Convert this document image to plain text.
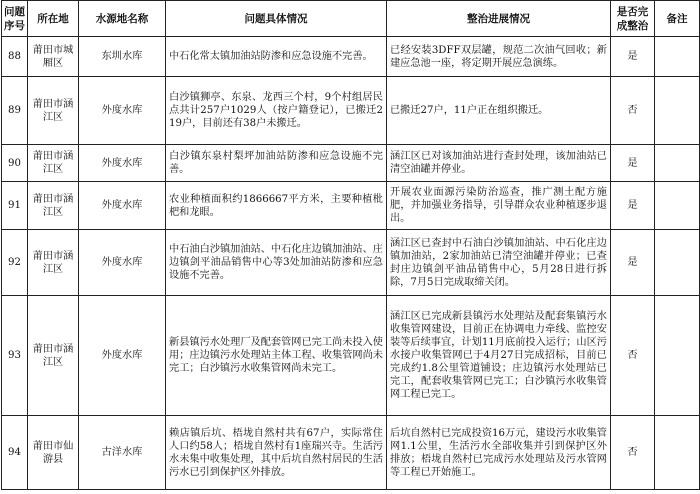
问题序号	所在地	水源地名称	问题具体情况	整治进展情况	是否完成整治	备注
88	莆田市城厢区	东圳水库	中石化常太镇加油站防渗和应急设施不完善。	已经安装3DFF双层罐，规范二次油气回收；新建应急池一座，将定期开展应急演练。	是	
89	莆田市涵江区	外度水库	白沙镇狮亭、东泉、龙西三个村，9个村组居民点共计257户1029人（按户籍登记），已搬迁219户，目前还有38户未搬迁。	已搬迁27户，11户正在组织搬迁。	否	
90	莆田市涵江区	外度水库	白沙镇东泉村梨坪加油站防渗和应急设施不完善。	涵江区已对该加油站进行查封处理，该加油站已清空油罐并停业。	是	
91	莆田市涵江区	外度水库	农业种植面积约1866667平方米，主要种植枇杷和龙眼。	开展农业面源污染防治巡查，推广测土配方施肥，并加强业务指导，引导群众农业种植逐步退出。	是	
92	莆田市涵江区	外度水库	中石油白沙镇加油站、中石化庄边镇加油站、庄边镇剑平油品销售中心等3处加油站防渗和应急设施不完善。	涵江区已查封中石油白沙镇加油站、中石化庄边镇加油站，2家加油站已清空油罐并停业；已查封庄边镇剑平油品销售中心，5月28日进行拆除，7月5日完成取缔关闭。	是	
93	莆田市涵江区	外度水库	新县镇污水处理厂及配套管网已完工尚未投入使用；庄边镇污水处理站主体工程、收集管网尚未完工；白沙镇污水收集管网尚未完工。	涵江区已完成新县镇污水处理站及配套集镇污水收集管网建设，目前正在协调电力牵线、监控安装等后续事宜，计划11月底前投入运行；山区污水接户收集管网已于4月27日完成招标，目前已完成约1.8公里管道铺设；庄边镇污水处理站已完工，配套收集管网已完工；白沙镇污水收集管网工程已完工。	否	
94	莆田市仙游县	古洋水库	赖店镇后坑、梧垅自然村共有67户，实际常住人口约58人；梧垅自然村有1座瑞兴寺。生活污水未集中收集处理，其中后坑自然村居民的生活污水已引到保护区外排放。	后坑自然村已完成投资16万元，建设污水收集管网1.1公里，生活污水全部收集并引到保护区外排放；梧垅自然村已完成污水处理站及污水管网等工程已开始施工。	否	
